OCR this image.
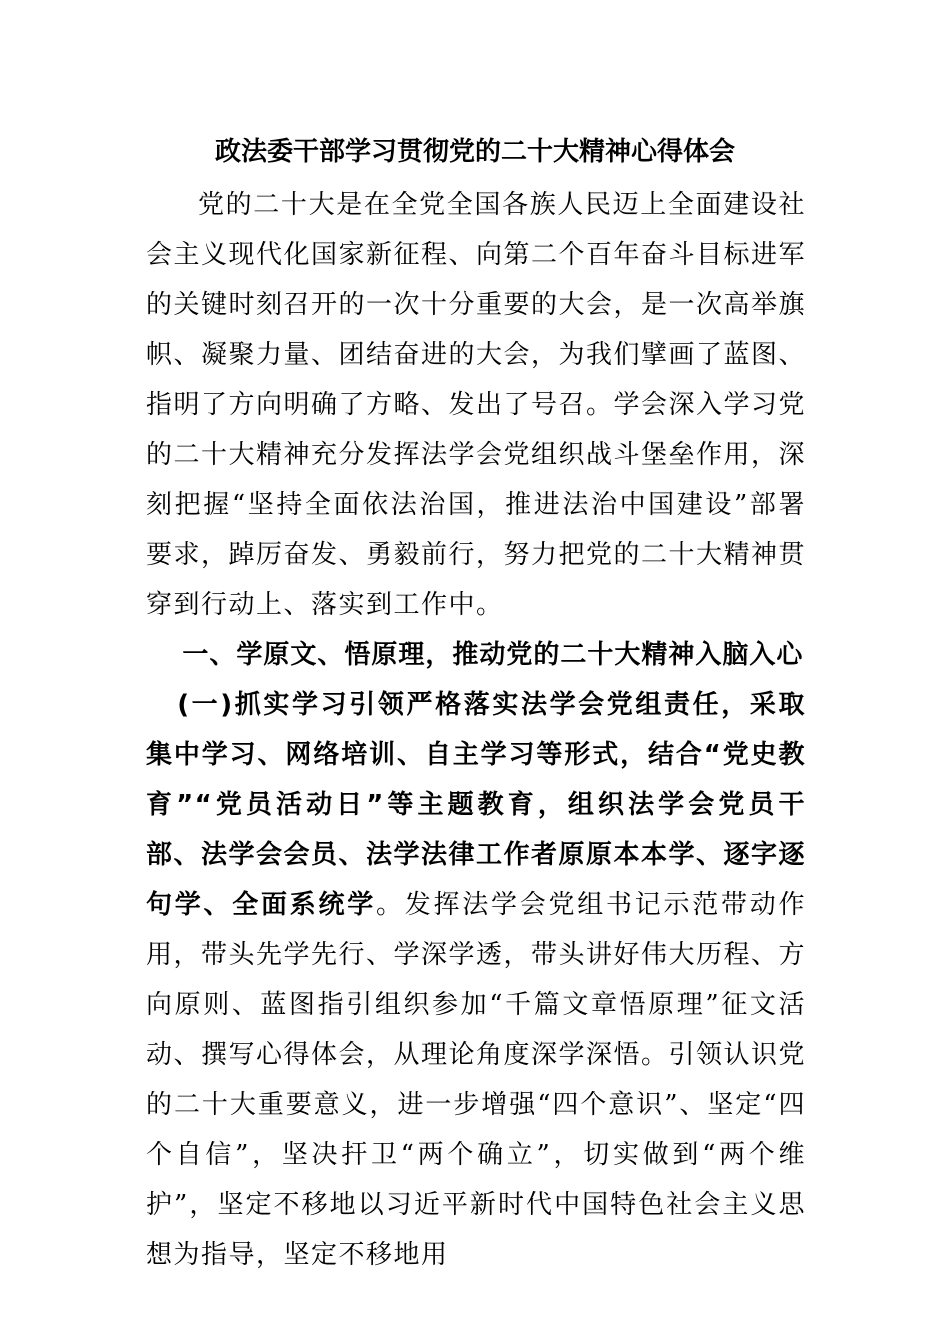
政法委干部学习贯彻党的二十大精神心得体会

党的二十大是在全党全国各族人民迈上全面建设社会主义现代化国家新征程、向第二个百年奋斗目标进军的关键时刻召开的一次十分重要的大会，是一次高举旗帜、凝聚力量、团结奋进的大会，为我们擘画了蓝图、指明了方向明确了方略、发出了号召。学会深入学习党的二十大精神充分发挥法学会党组织战斗堡垒作用，深刻把握“坚持全面依法治国，推进法治中国建设”部署要求，踔厉奋发、勇毅前行，努力把党的二十大精神贯穿到行动上、落实到工作中。

一、学原文、悟原理，推动党的二十大精神入脑入心

(一)抓实学习引领严格落实法学会党组责任，采取集中学习、网络培训、自主学习等形式，结合“党史教育”“党员活动日”等主题教育，组织法学会党员干部、法学会会员、法学法律工作者原原本本学、逐字逐句学、全面系统学。发挥法学会党组书记示范带动作用，带头先学先行、学深学透，带头讲好伟大历程、方向原则、蓝图指引组织参加“千篇文章悟原理”征文活动、撰写心得体会，从理论角度深学深悟。引领认识党的二十大重要意义，进一步增强“四个意识”、坚定“四个自信”，坚决扞卫“两个确立”，切实做到“两个维护”，坚定不移地以习近平新时代中国特色社会主义思想为指导，坚定不移地用
